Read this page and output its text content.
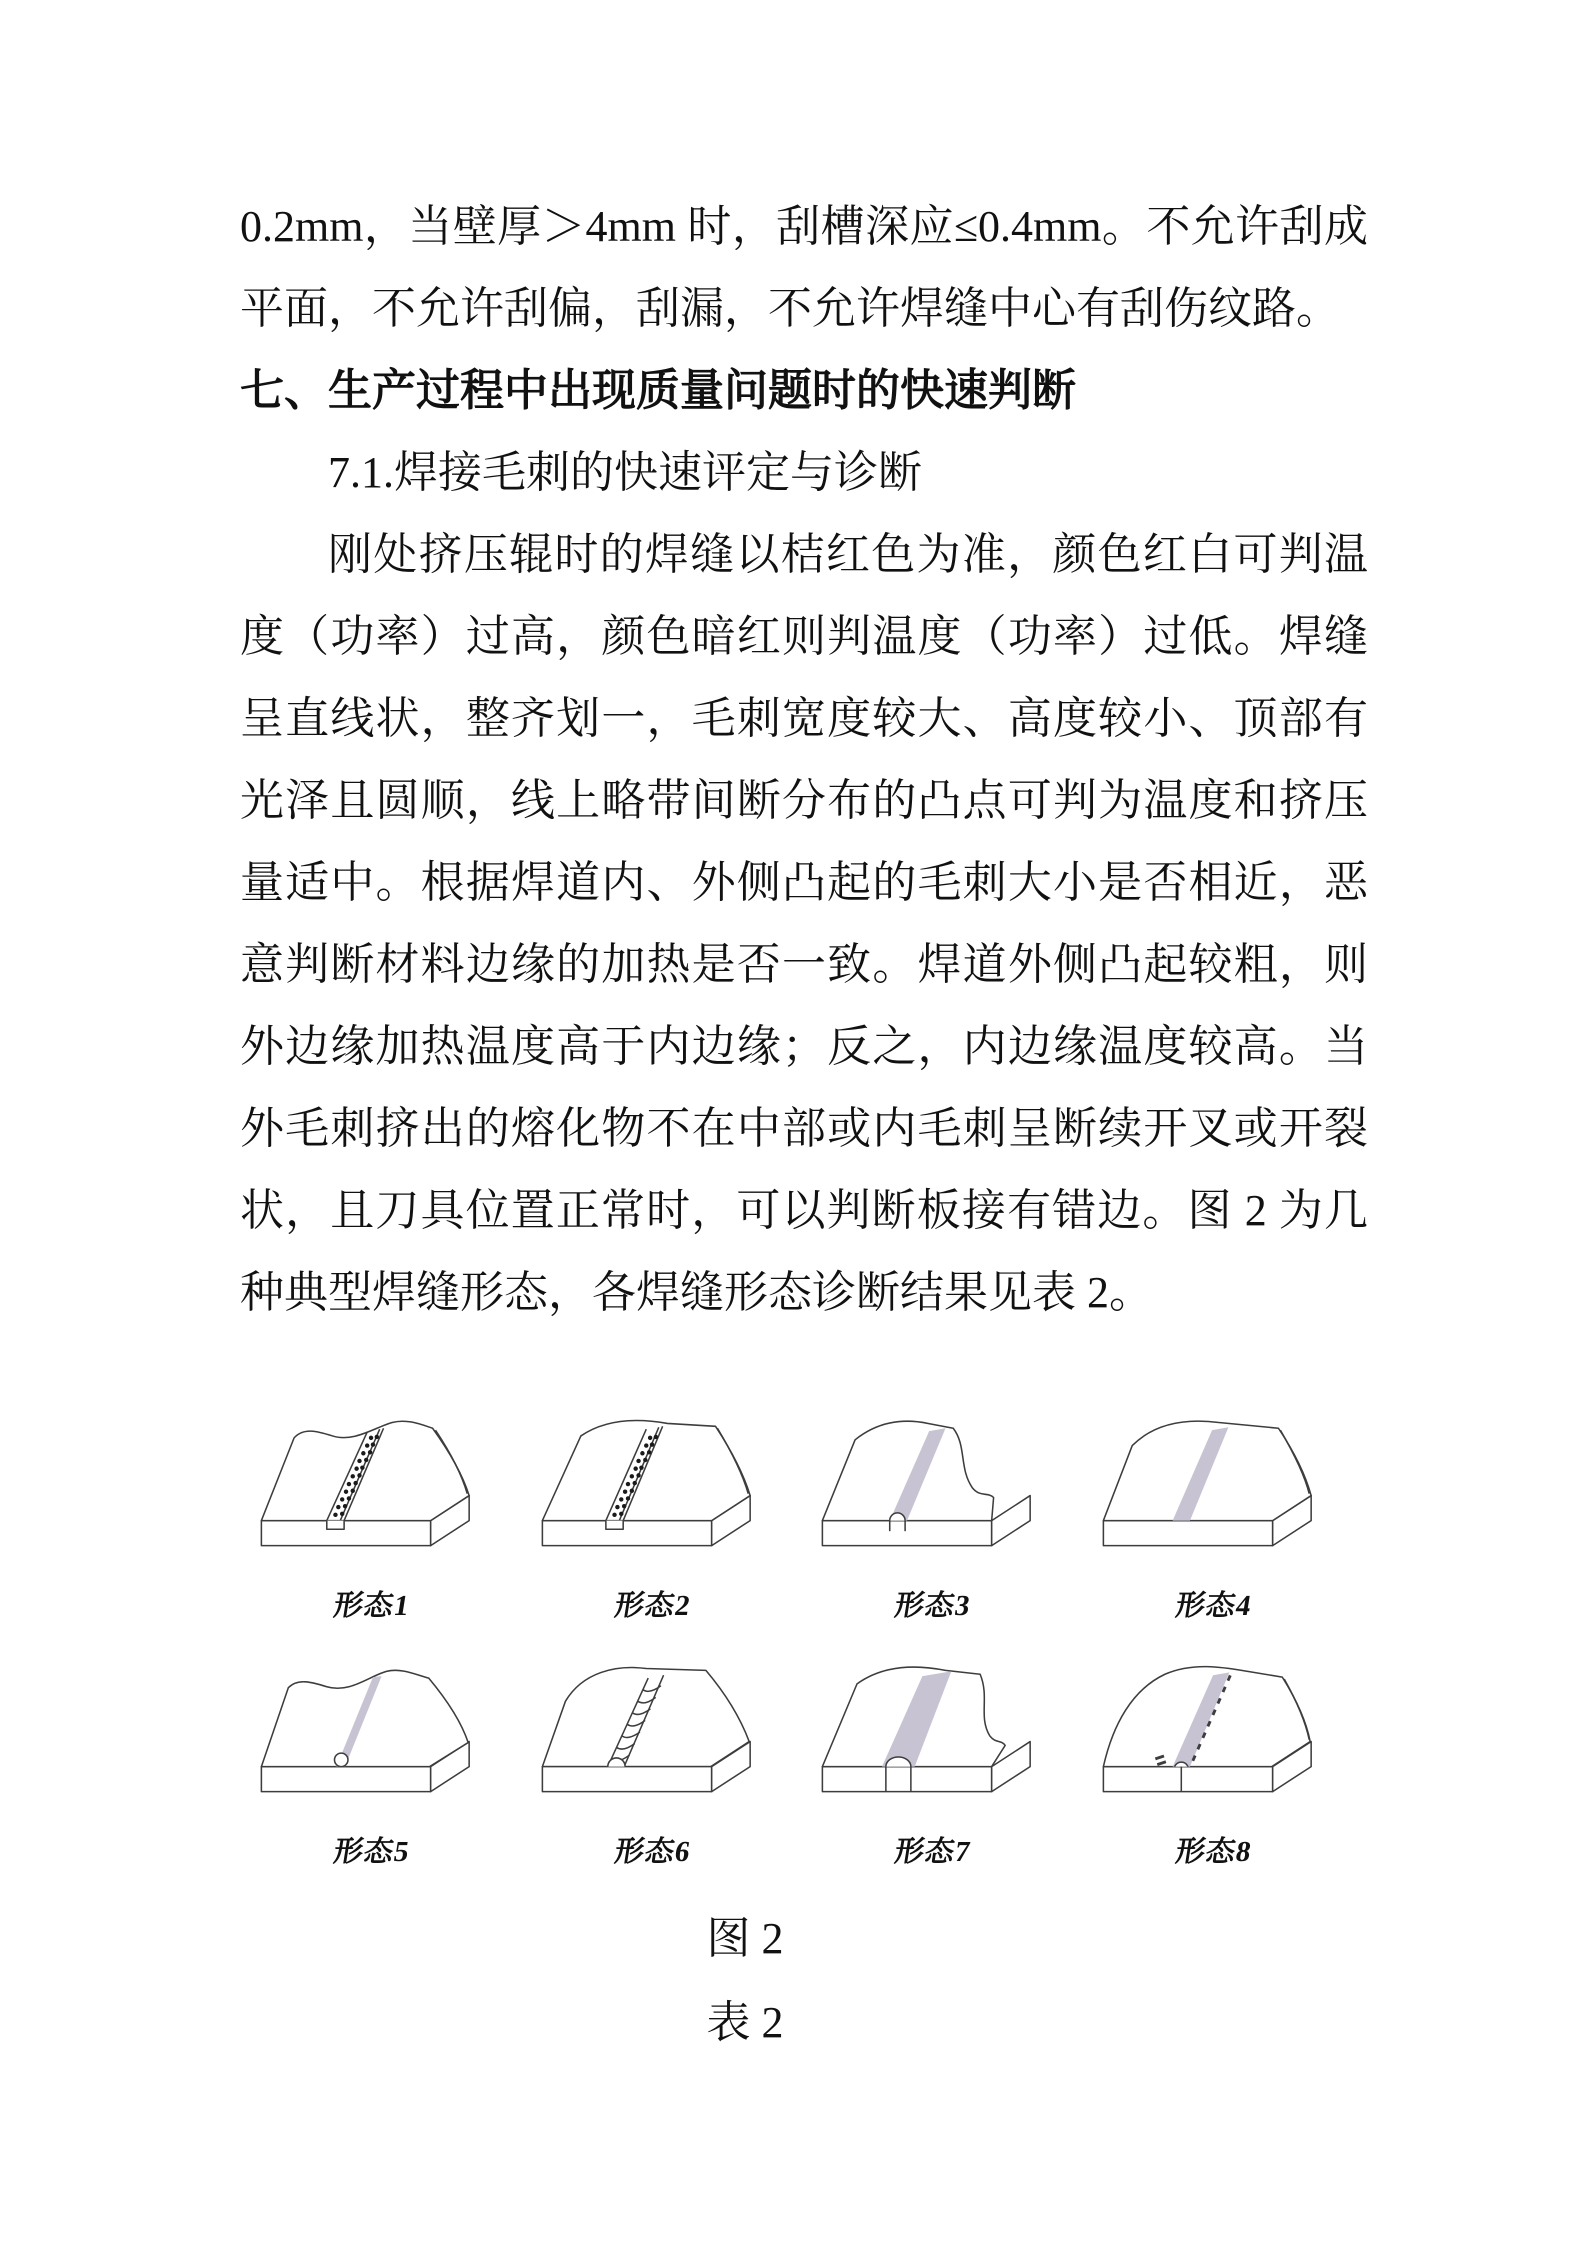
0.2mm，当壁厚＞4mm 时，刮槽深应≤0.4mm。不允许刮成平面，不允许刮偏，刮漏，不允许焊缝中心有刮伤纹路。

七、生产过程中出现质量问题时的快速判断

7.1.焊接毛刺的快速评定与诊断

刚处挤压辊时的焊缝以桔红色为准，颜色红白可判温度（功率）过高，颜色暗红则判温度（功率）过低。焊缝呈直线状，整齐划一，毛刺宽度较大、高度较小、顶部有光泽且圆顺，线上略带间断分布的凸点可判为温度和挤压量适中。根据焊道内、外侧凸起的毛刺大小是否相近，恶意判断材料边缘的加热是否一致。焊道外侧凸起较粗，则外边缘加热温度高于内边缘；反之，内边缘温度较高。当外毛刺挤出的熔化物不在中部或内毛刺呈断续开叉或开裂状，且刀具位置正常时，可以判断板接有错边。图 2 为几种典型焊缝形态，各焊缝形态诊断结果见表 2。

形态1	形态2	形态3	形态4
形态5	形态6	形态7	形态8
图 2
表 2
